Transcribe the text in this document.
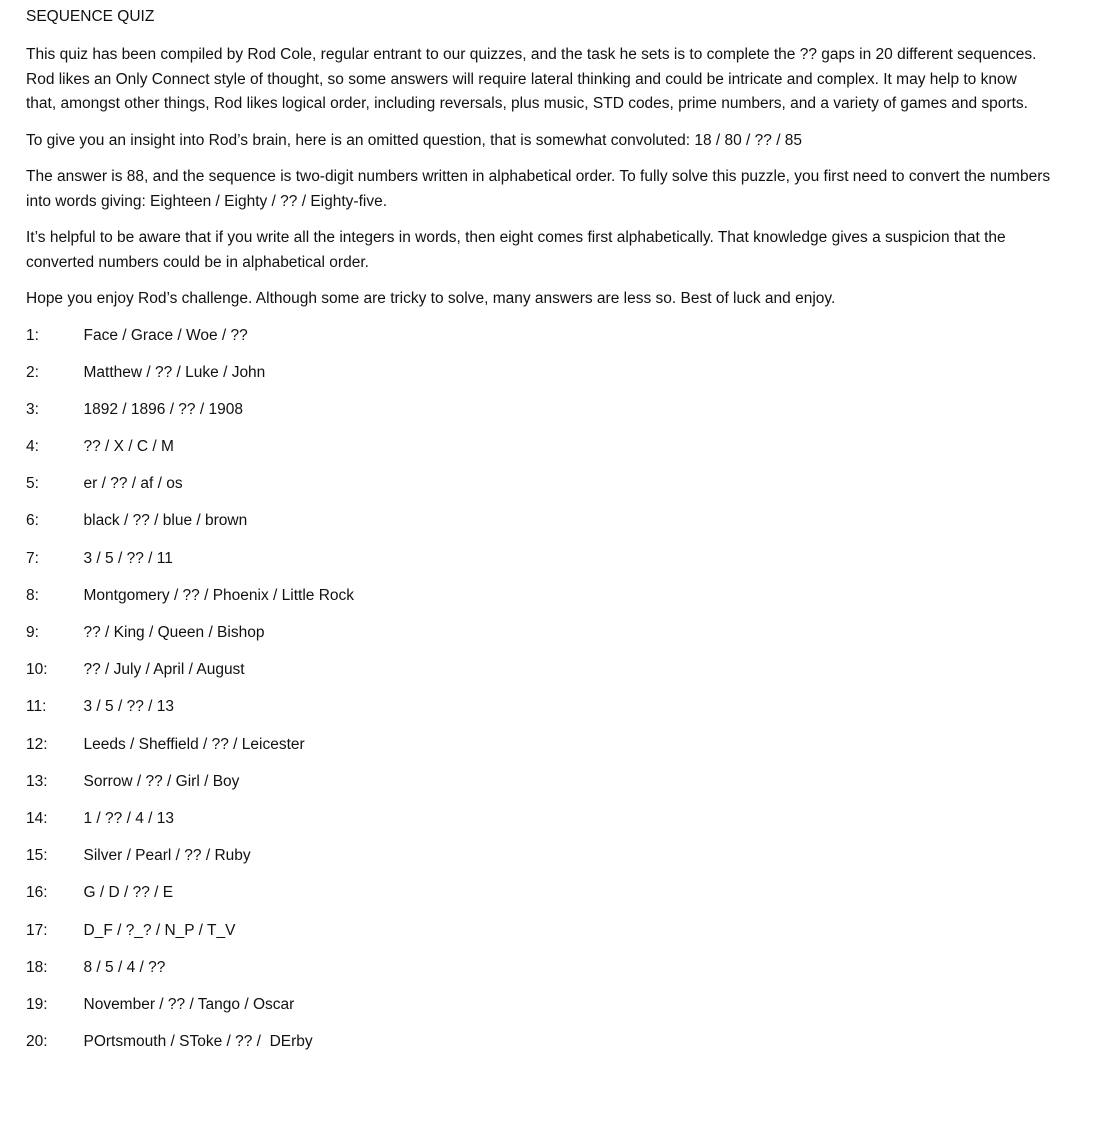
SEQUENCE QUIZ
This quiz has been compiled by Rod Cole, regular entrant to our quizzes, and the task he sets is to complete the ?? gaps in 20 different sequences.
Rod likes an Only Connect style of thought, so some answers will require lateral thinking and could be intricate and complex. It may help to know
that, amongst other things, Rod likes logical order, including reversals, plus music, STD codes, prime numbers, and a variety of games and sports.
To give you an insight into Rod’s brain, here is an omitted question, that is somewhat convoluted: 18 / 80 / ?? / 85
The answer is 88, and the sequence is two-digit numbers written in alphabetical order. To fully solve this puzzle, you first need to convert the numbers
into words giving: Eighteen / Eighty / ?? / Eighty-five.
It’s helpful to be aware that if you write all the integers in words, then eight comes first alphabetically. That knowledge gives a suspicion that the
converted numbers could be in alphabetical order.
Hope you enjoy Rod’s challenge. Although some are tricky to solve, many answers are less so. Best of luck and enjoy.
1:	Face / Grace / Woe / ??
2:	Matthew / ?? / Luke / John
3:	1892 / 1896 / ?? / 1908
4:	?? / X / C / M
5:	er / ?? / af / os
6:	black / ?? / blue / brown
7:	3 / 5 / ?? / 11
8:	Montgomery / ?? / Phoenix / Little Rock
9:	?? / King / Queen / Bishop
10:	?? / July / April / August
11:	3 / 5 / ?? / 13
12:	Leeds / Sheffield / ?? / Leicester
13:	Sorrow / ?? / Girl / Boy
14:	1 / ?? / 4 / 13
15:	Silver / Pearl / ?? / Ruby
16:	G / D / ?? / E
17:	D_F / ?_? / N_P / T_V
18:	8 / 5 / 4 / ??
19:	November / ?? / Tango / Oscar
20:	POrtsmouth / SToke / ?? /  DErby
